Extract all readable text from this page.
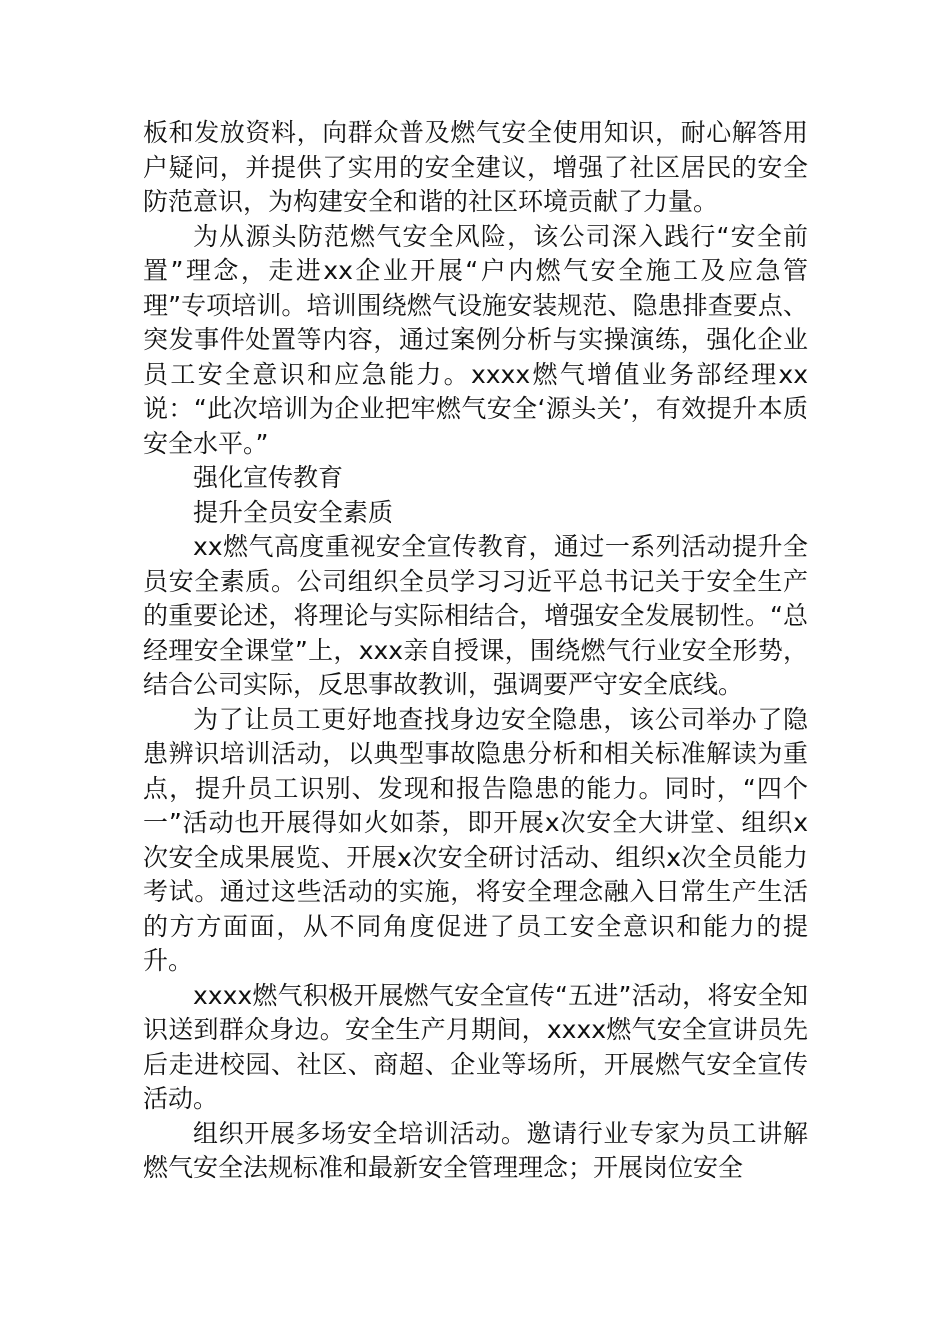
板和发放资料，向群众普及燃气安全使用知识，耐心解答用户疑问，并提供了实用的安全建议，增强了社区居民的安全防范意识，为构建安全和谐的社区环境贡献了力量。

为从源头防范燃气安全风险，该公司深入践行“安全前置”理念，走进xx企业开展“户内燃气安全施工及应急管理”专项培训。培训围绕燃气设施安装规范、隐患排查要点、突发事件处置等内容，通过案例分析与实操演练，强化企业员工安全意识和应急能力。xxxx燃气增值业务部经理xx说：“此次培训为企业把牢燃气安全‘源头关’，有效提升本质安全水平。”

强化宣传教育

提升全员安全素质

xx燃气高度重视安全宣传教育，通过一系列活动提升全员安全素质。公司组织全员学习习近平总书记关于安全生产的重要论述，将理论与实际相结合，增强安全发展韧性。“总经理安全课堂”上，xxx亲自授课，围绕燃气行业安全形势，结合公司实际，反思事故教训，强调要严守安全底线。

为了让员工更好地查找身边安全隐患，该公司举办了隐患辨识培训活动，以典型事故隐患分析和相关标准解读为重点，提升员工识别、发现和报告隐患的能力。同时，“四个一”活动也开展得如火如荼，即开展x次安全大讲堂、组织x次安全成果展览、开展x次安全研讨活动、组织x次全员能力考试。通过这些活动的实施，将安全理念融入日常生产生活的方方面面，从不同角度促进了员工安全意识和能力的提升。

xxxx燃气积极开展燃气安全宣传“五进”活动，将安全知识送到群众身边。安全生产月期间，xxxx燃气安全宣讲员先后走进校园、社区、商超、企业等场所，开展燃气安全宣传活动。

组织开展多场安全培训活动。邀请行业专家为员工讲解燃气安全法规标准和最新安全管理理念；开展岗位安全
